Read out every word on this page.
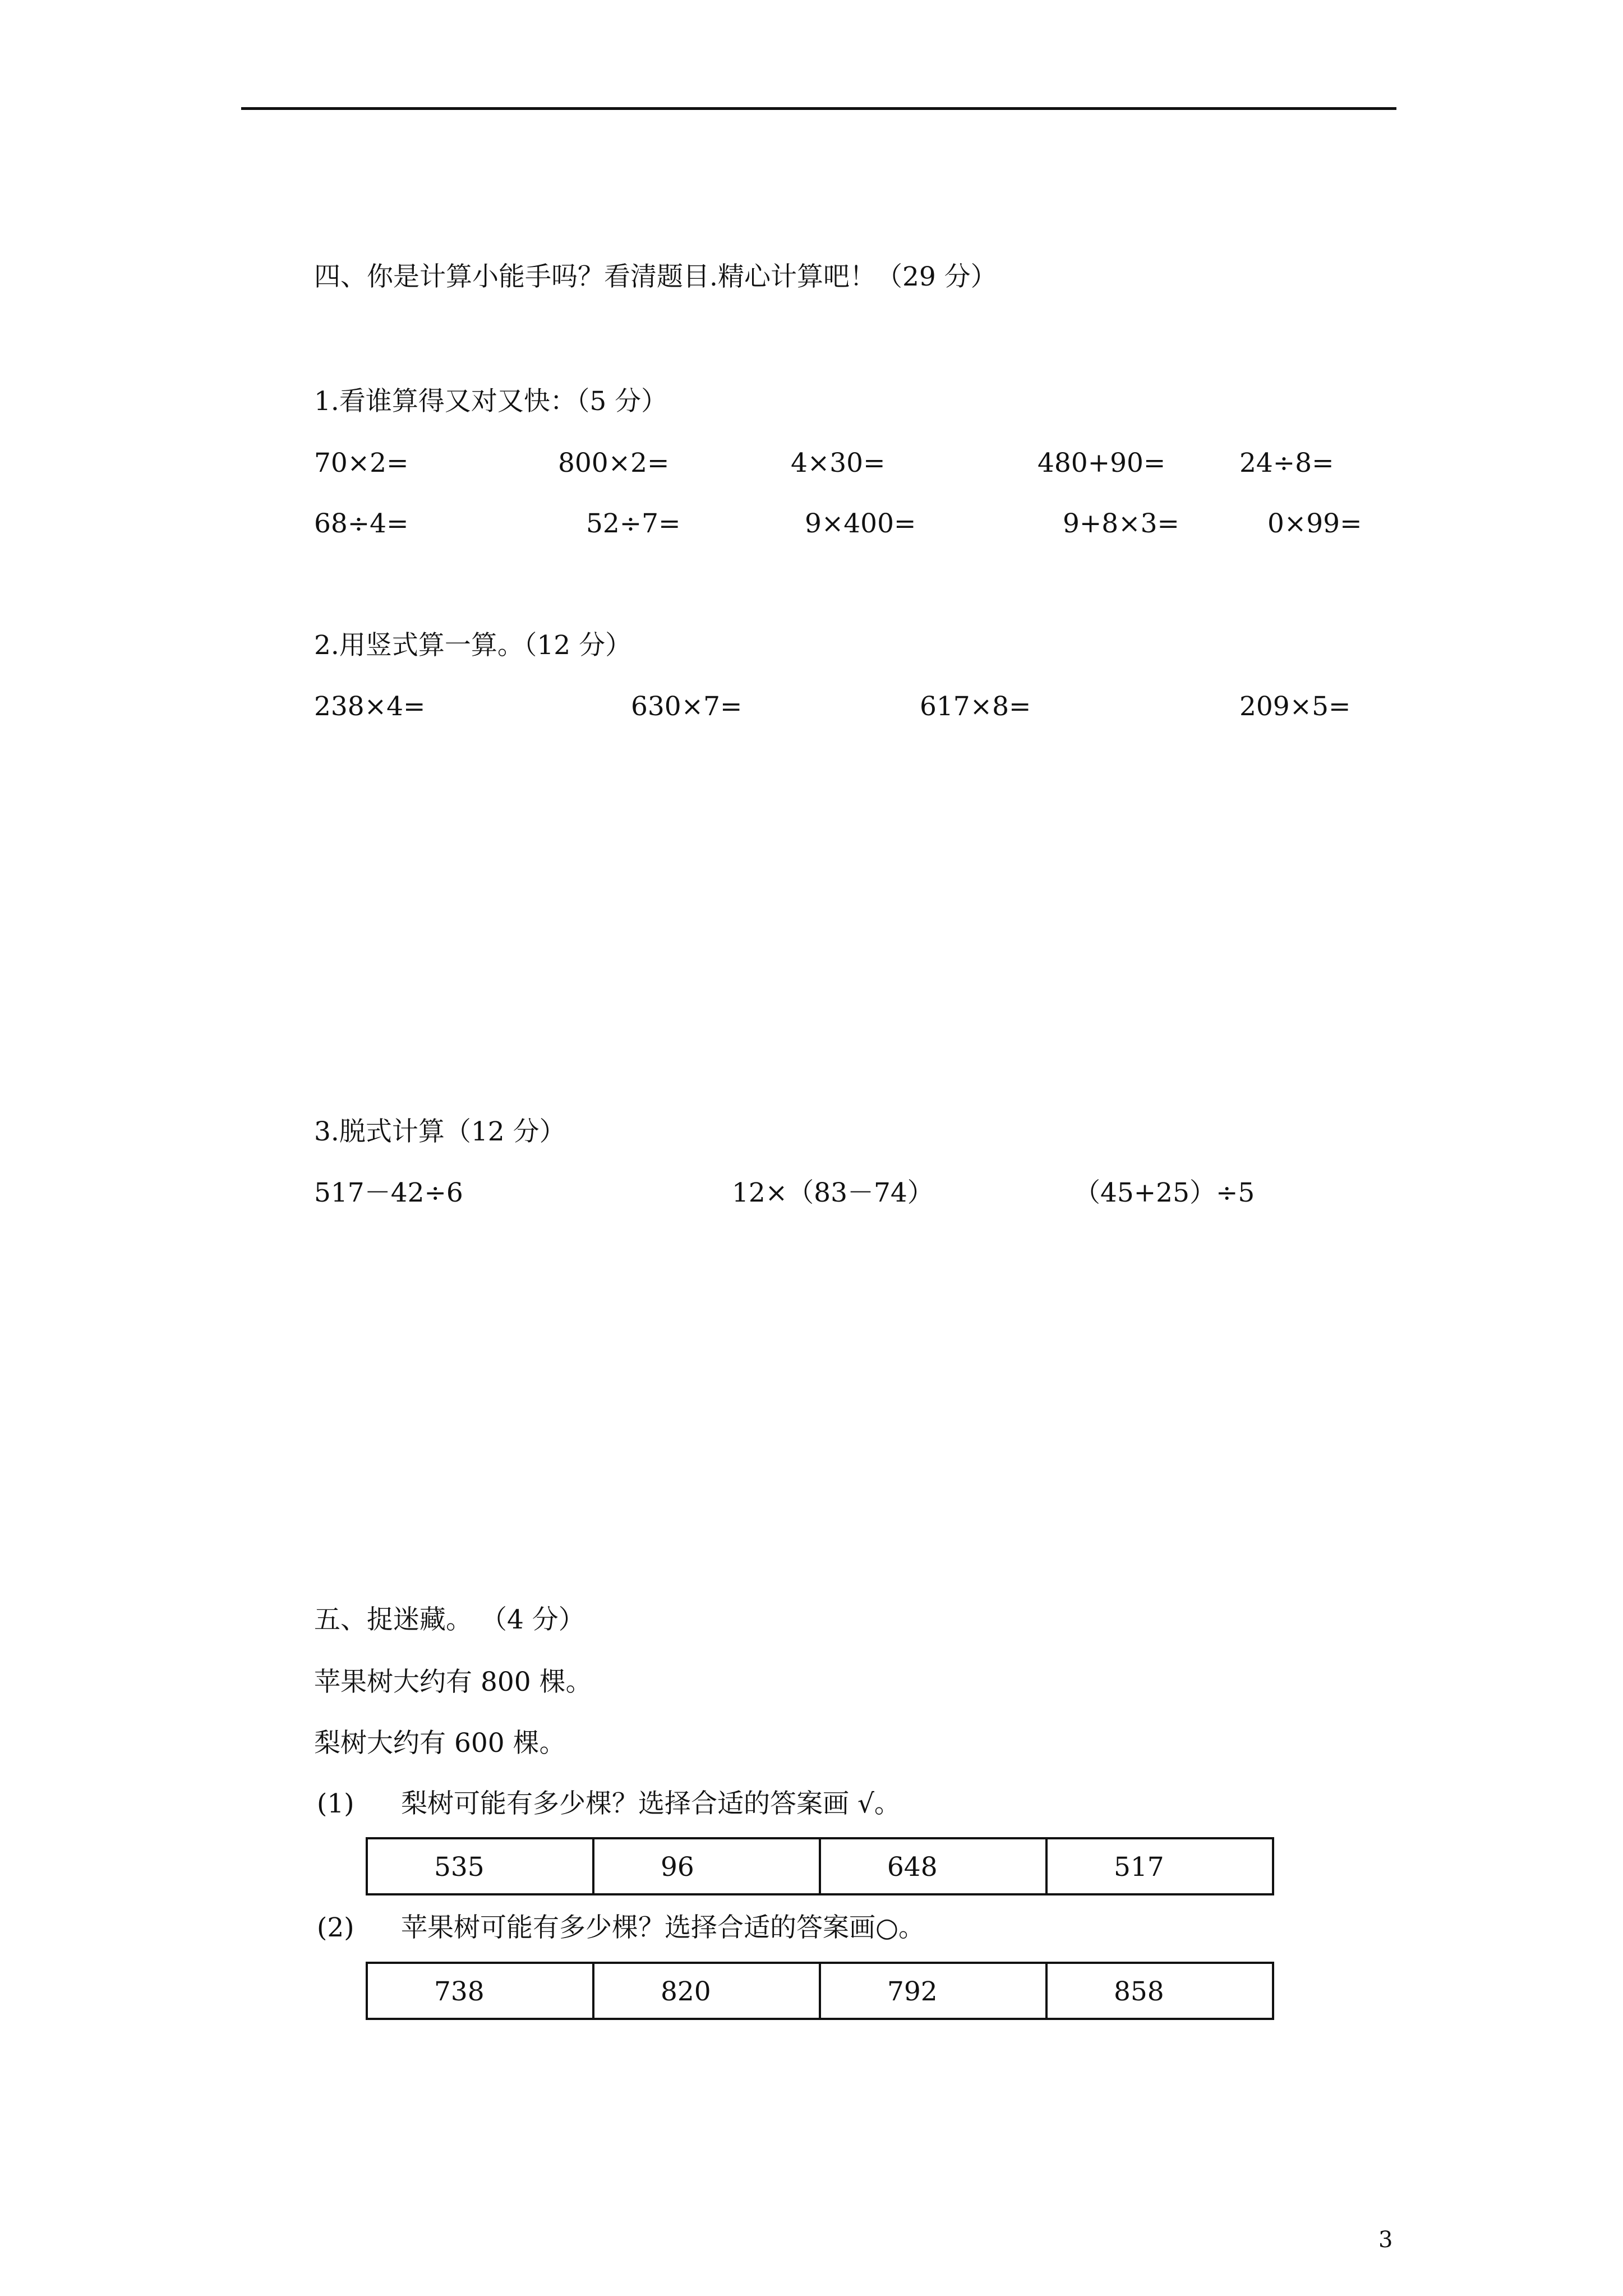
四、你是计算小能手吗？看清题目.精心计算吧！（29 分）
1.看谁算得又对又快：（5 分）
70×2=	800×2=	4×30=	480+90=	24÷8=
68÷4=	52÷7=	9×400=	9+8×3=	0×99=
2.用竖式算一算。（12 分）
238×4=	630×7=	617×8=	209×5=
3.脱式计算（12 分）
517－42÷6	12×（83－74）	（45+25）÷5
五、捉迷藏。 （4 分）
苹果树大约有 800 棵。
梨树大约有 600 棵。
(1) 梨树可能有多少棵？选择合适的答案画 √。
535	96	648	517
(2) 苹果树可能有多少棵？选择合适的答案画○。
738	820	792	858
3
